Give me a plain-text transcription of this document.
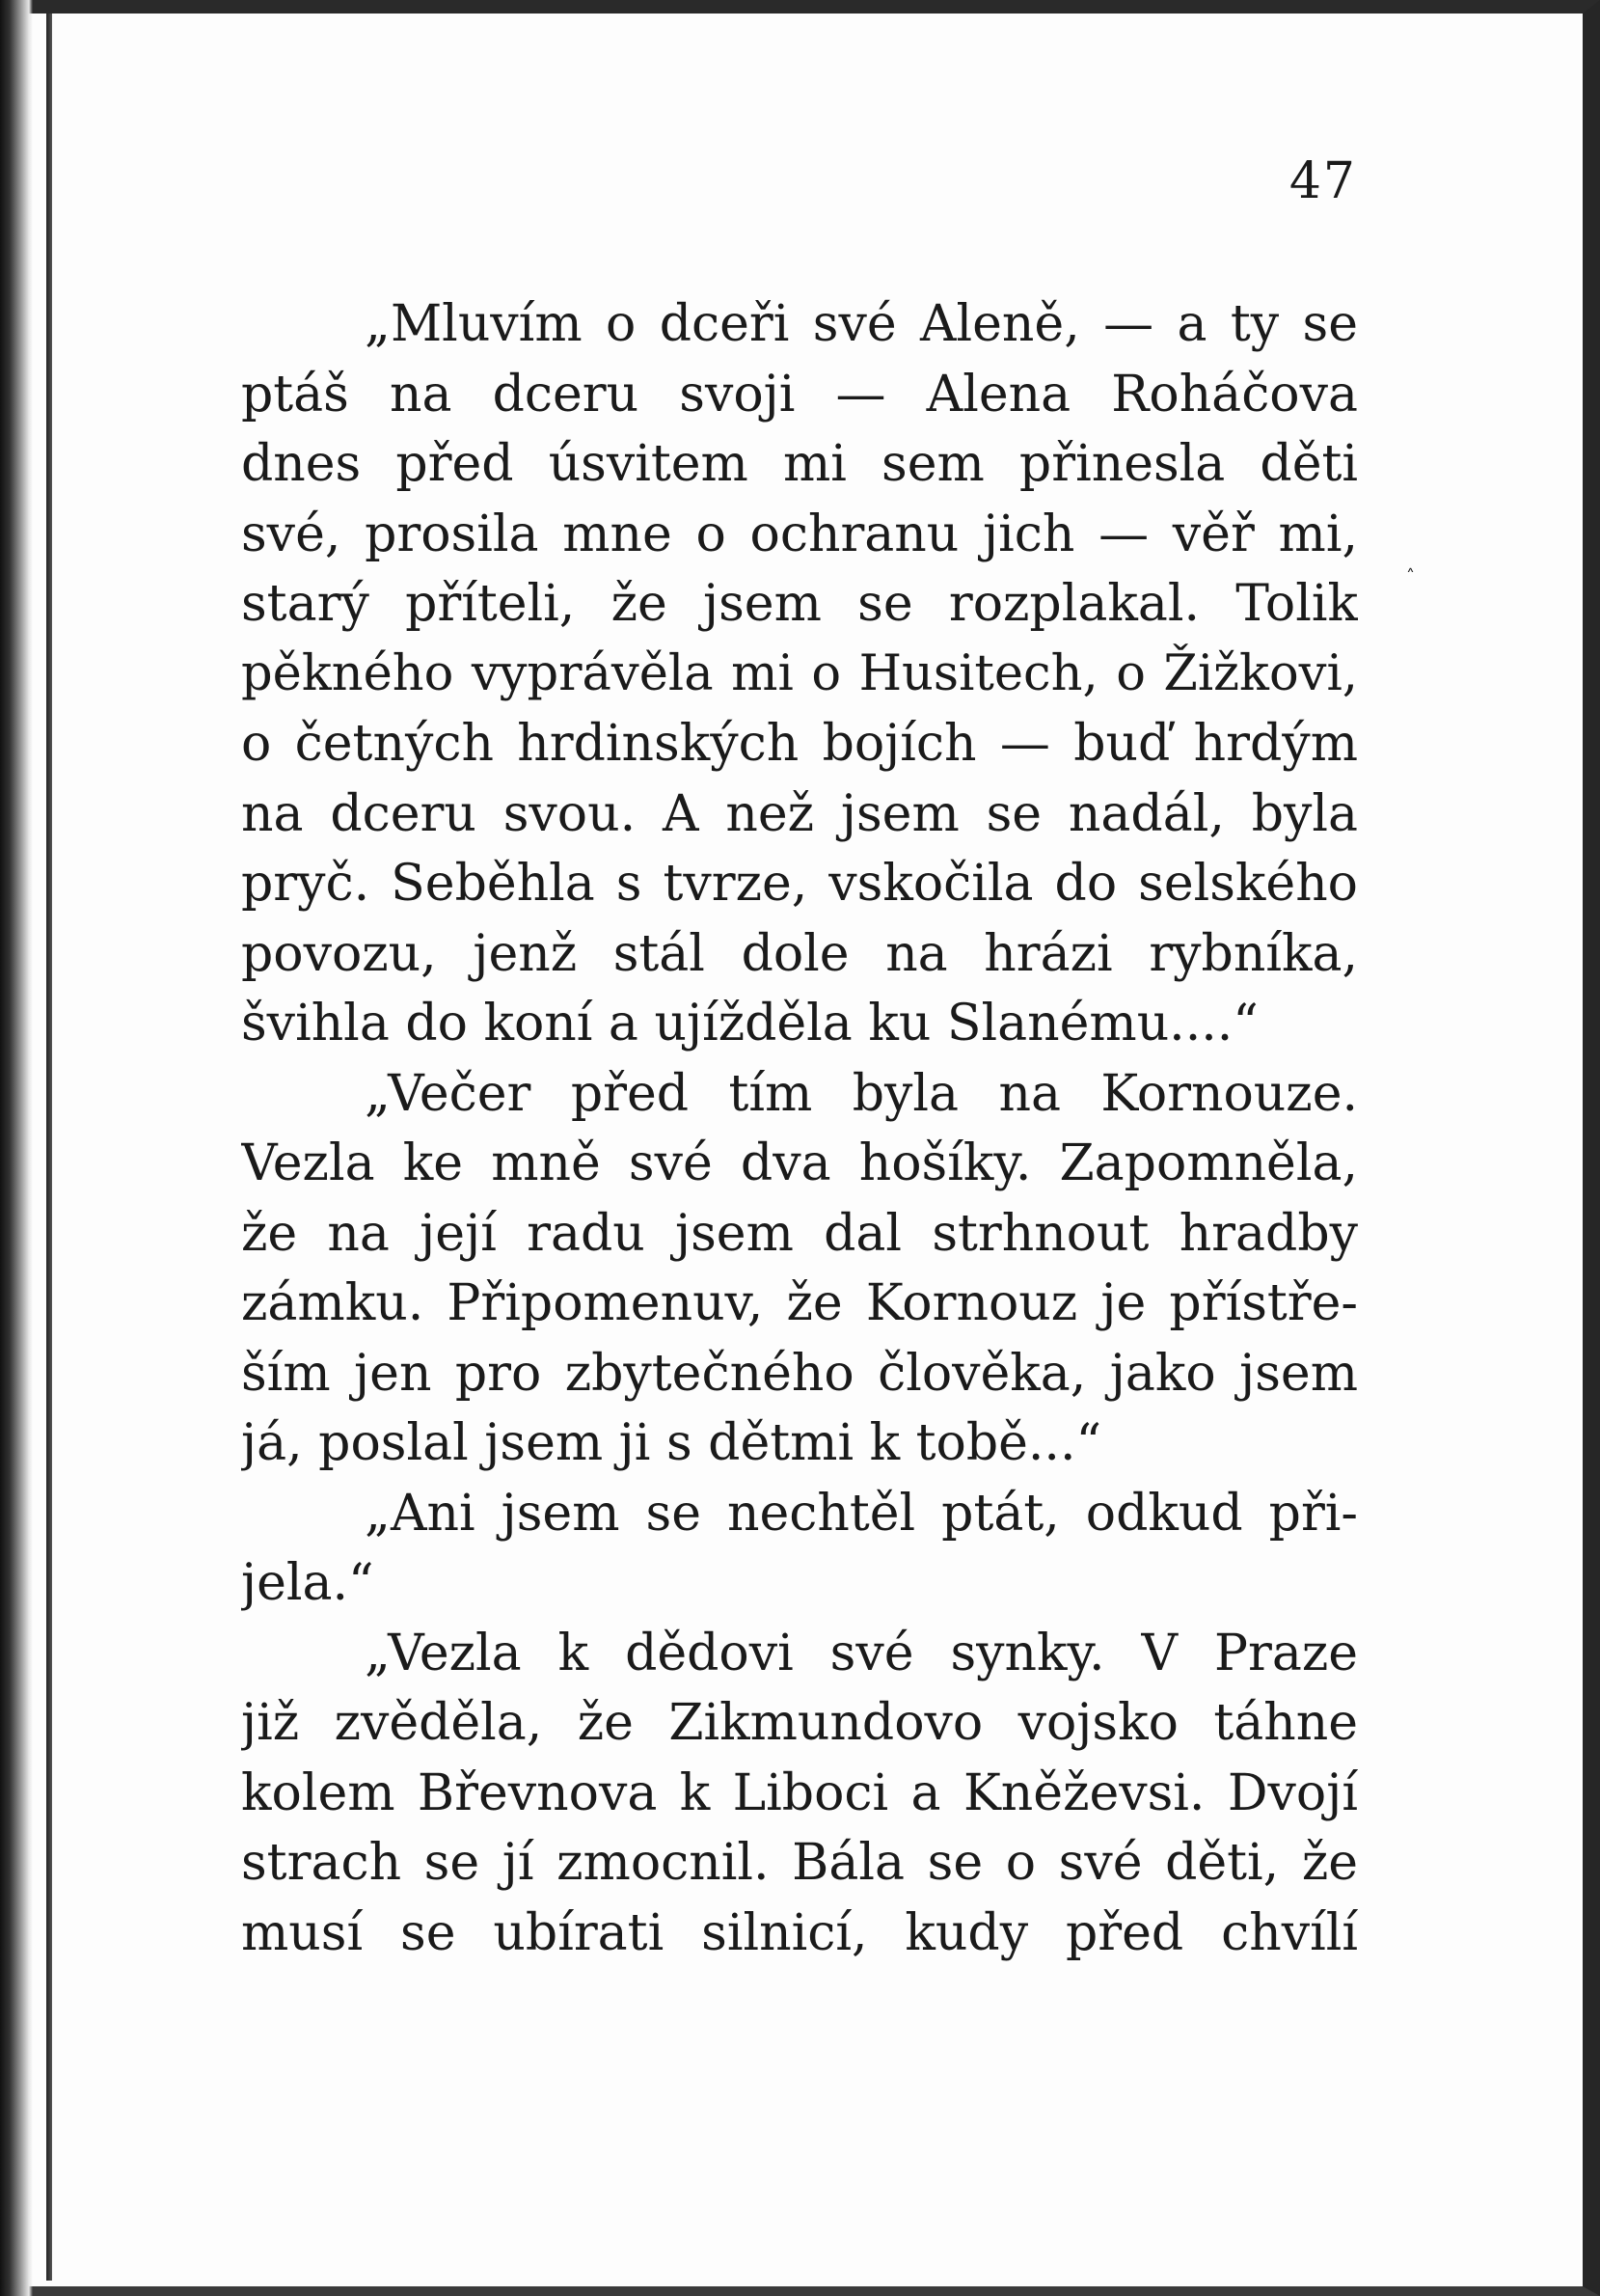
˄
47
„Mluvím o dceři své Aleně, — a ty se
ptáš na dceru svoji — Alena Roháčova
dnes před úsvitem mi sem přinesla děti
své, prosila mne o ochranu jich — věř mi,
starý příteli, že jsem se rozplakal. Tolik
pěkného vyprávěla mi o Husitech, o Žižkovi,
o četných hrdinských bojích — buď hrdým
na dceru svou. A než jsem se nadál, byla
pryč. Seběhla s tvrze, vskočila do selského
povozu, jenž stál dole na hrázi rybníka,
švihla do koní a ujížděla ku Slanému....“
„Večer před tím byla na Kornouze.
Vezla ke mně své dva hošíky. Zapomněla,
že na její radu jsem dal strhnout hradby
zámku. Připomenuv, že Kornouz je přístře-
ším jen pro zbytečného člověka, jako jsem
já, poslal jsem ji s dětmi k tobě...“
„Ani jsem se nechtěl ptát, odkud při-
jela.“
„Vezla k dědovi své synky. V Praze
již zvěděla, že Zikmundovo vojsko táhne
kolem Břevnova k Liboci a Kněževsi. Dvojí
strach se jí zmocnil. Bála se o své děti, že
musí se ubírati silnicí, kudy před chvílí
